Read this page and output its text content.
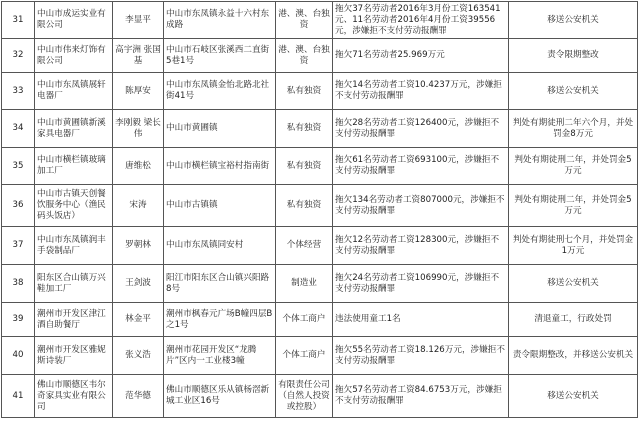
31	中山市成运实业有限公司	李显平	中山市东凤镇永益十六村东成路	港、澳、台独资	拖欠37名劳动者2016年3月份工资163541元、11名劳动者2016年4月份工资39556元，涉嫌拒不支付劳动报酬罪	移送公安机关
32	中山市伟来灯饰有限公司	高宇洲 张国基	中山市石岐区张溪西二直街5巷1号	港、澳、台独资	拖欠71名劳动者25.969万元	责令限期整改
33	中山市东凤镇展轩电器厂	陈厚安	中山市东凤镇金怡北路北社街41号	私有独资	拖欠14名劳动者工资10.4237万元，涉嫌拒不支付劳动报酬罪	移送公安机关
34	中山市黄圃镇新溪家具电器厂	李刚毅 梁长伟	中山市黄圃镇	私有独资	拖欠28名劳动者工资126400元，涉嫌拒不支付劳动报酬罪	判处有期徒刑二年六个月，并处罚金8万元
35	中山市横栏镇玻璃加工厂	唐维松	中山市横栏镇宝裕村指南街	私有独资	拖欠61名劳动者工资693100元，涉嫌拒不支付劳动报酬罪	判处有期徒刑二年，并处罚金5万元
36	中山市古镇天创餐饮服务中心（渔民码头饭店）	宋涛	中山市古镇镇	私有独资	拖欠134名劳动者工资807000元，涉嫌拒不支付劳动报酬罪	判处有期徒刑二年，并处罚金5万元
37	中山市东凤镇润丰手袋制品厂	罗朝林	中山市东凤镇同安村	个体经营	拖欠12名劳动者工资128300元，涉嫌拒不支付劳动报酬罪	判处有期徒刑七个月，并处罚金1万元
38	阳东区合山镇万兴鞋加工厂	王剑波	阳江市阳东区合山镇兴阳路8号	制造业	拖欠24名劳动者工资106990元，涉嫌拒不支付劳动报酬罪	移送公安机关
39	潮州市开发区津江酒自助餐厅	林金平	潮州市枫春元广场B幢四层B之1号	个体工商户	违法使用童工1名	清退童工，行政处罚
40	潮州市开发区雅妮斯诗装厂	张义浩	潮州市花园开发区“龙腾片”区内一工业楼3幢	个体工商户	拖欠55名劳动者工资18.126万元，涉嫌拒不支付劳动报酬罪	责令限期整改，并移送公安机关
41	佛山市顺德区韦尔奇家具实业有限公司	范华德	佛山市顺德区乐从镇杨滘新城工业区16号	有限责任公司（自然人投资或控股）	拖欠57名劳动者工资84.6753万元，涉嫌拒不支付劳动报酬罪	移送公安机关
